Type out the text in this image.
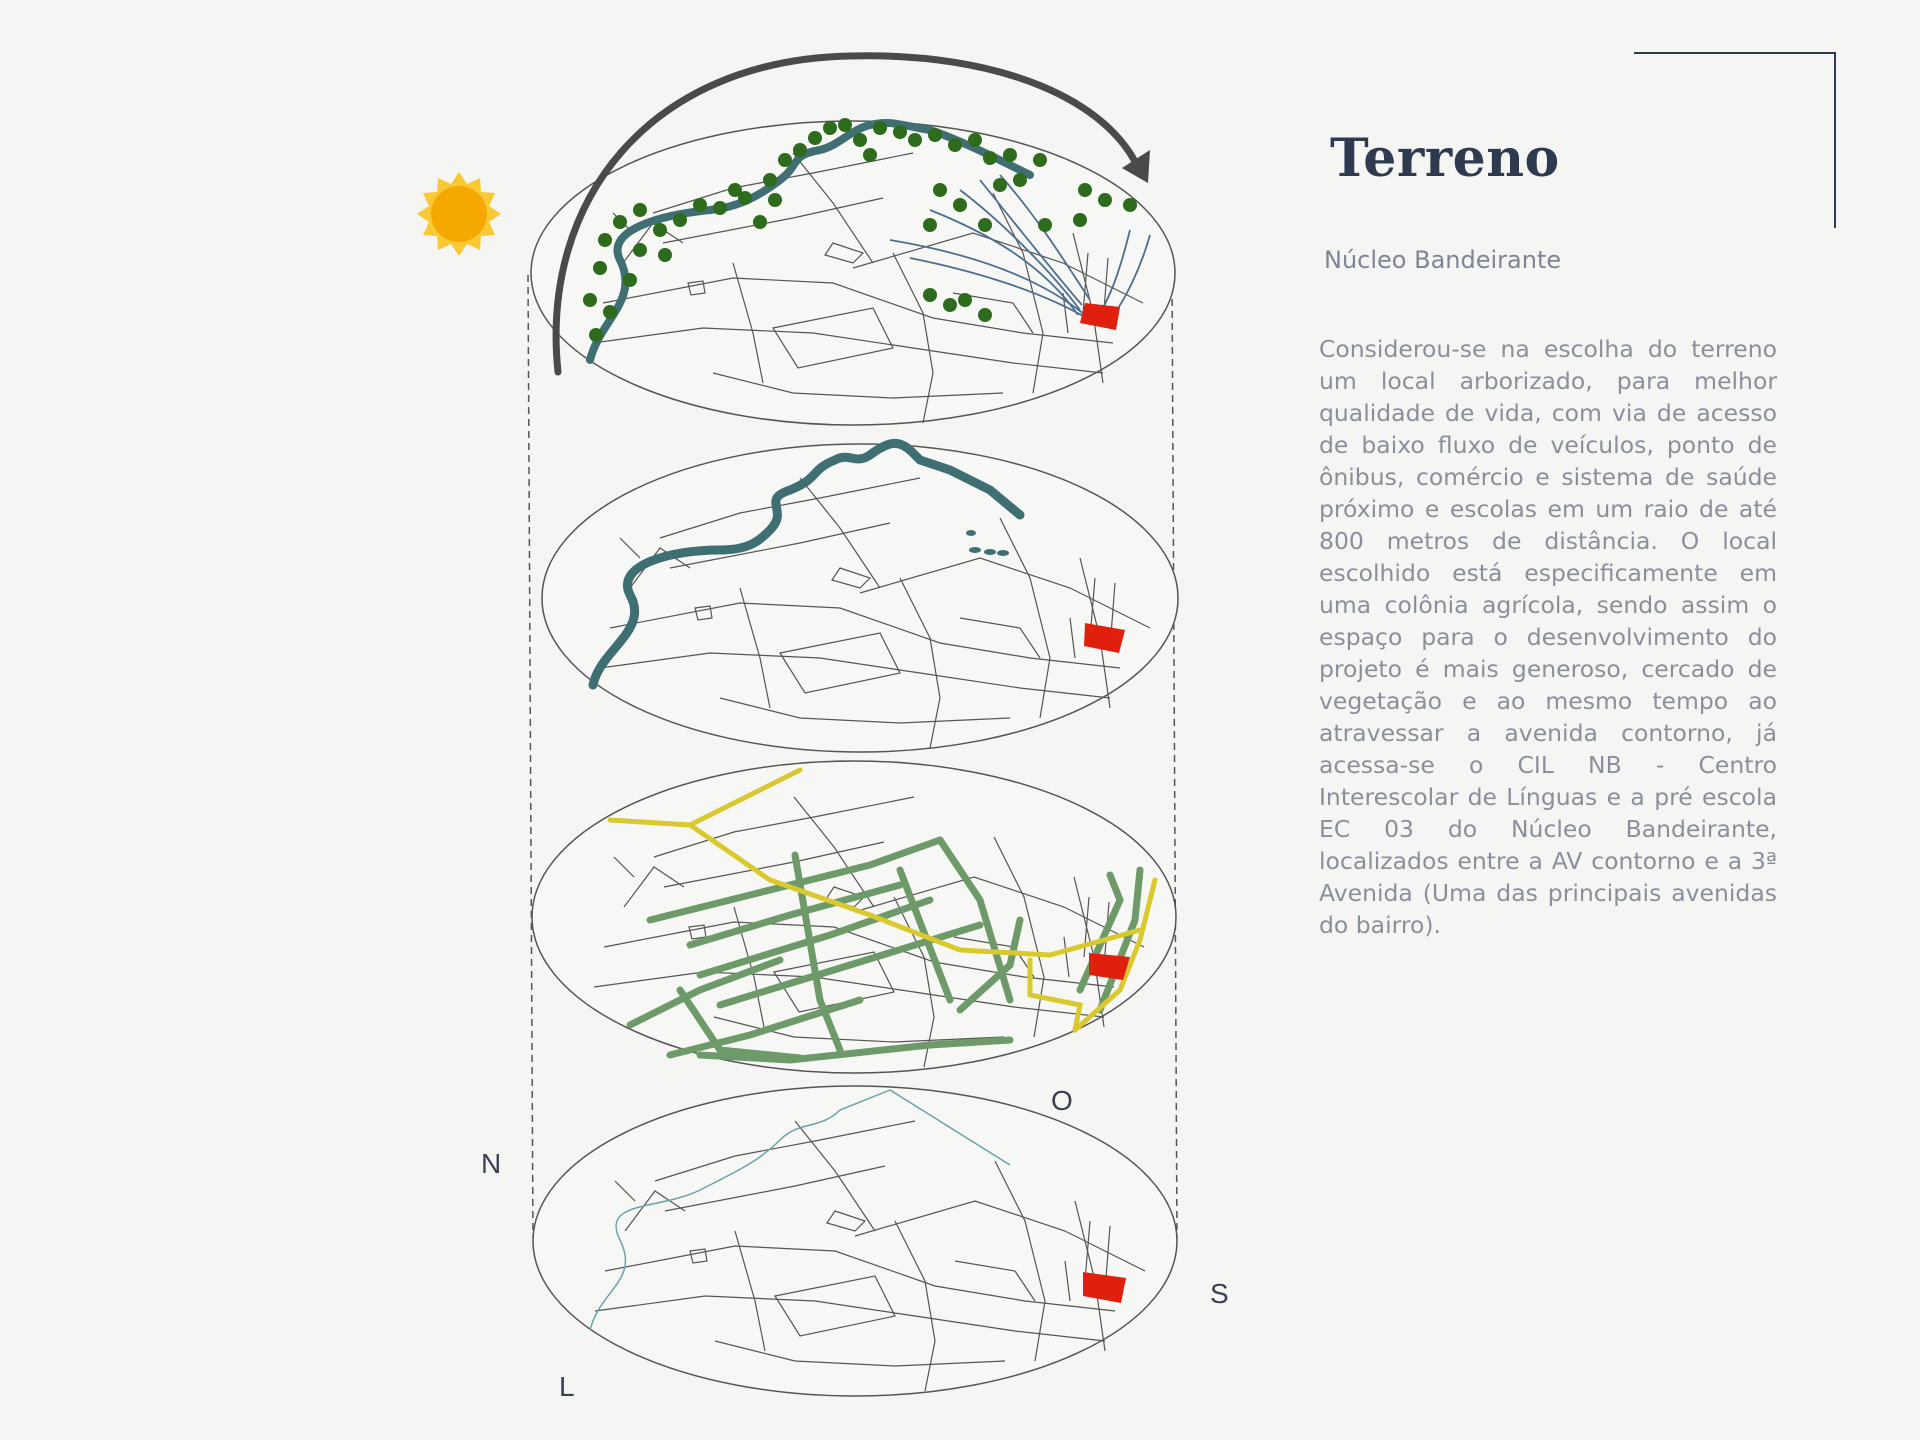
Terreno
Núcleo Bandeirante

Considerou-se na escolha do terreno um local arborizado, para melhor qualidade de vida, com via de acesso de baixo fluxo de veículos, ponto de ônibus, comércio e sistema de saúde próximo e escolas em um raio de até 800 metros de distância. O local escolhido está especificamente em uma colônia agrícola, sendo assim o espaço para o desenvolvimento do projeto é mais generoso, cercado de vegetação e ao mesmo tempo ao atravessar a avenida contorno, já acessa-se o CIL NB - Centro Interescolar de Línguas e a pré escola EC 03 do Núcleo Bandeirante, localizados entre a AV contorno e a 3ª Avenida (Uma das principais avenidas do bairro).

N
O
S
L
